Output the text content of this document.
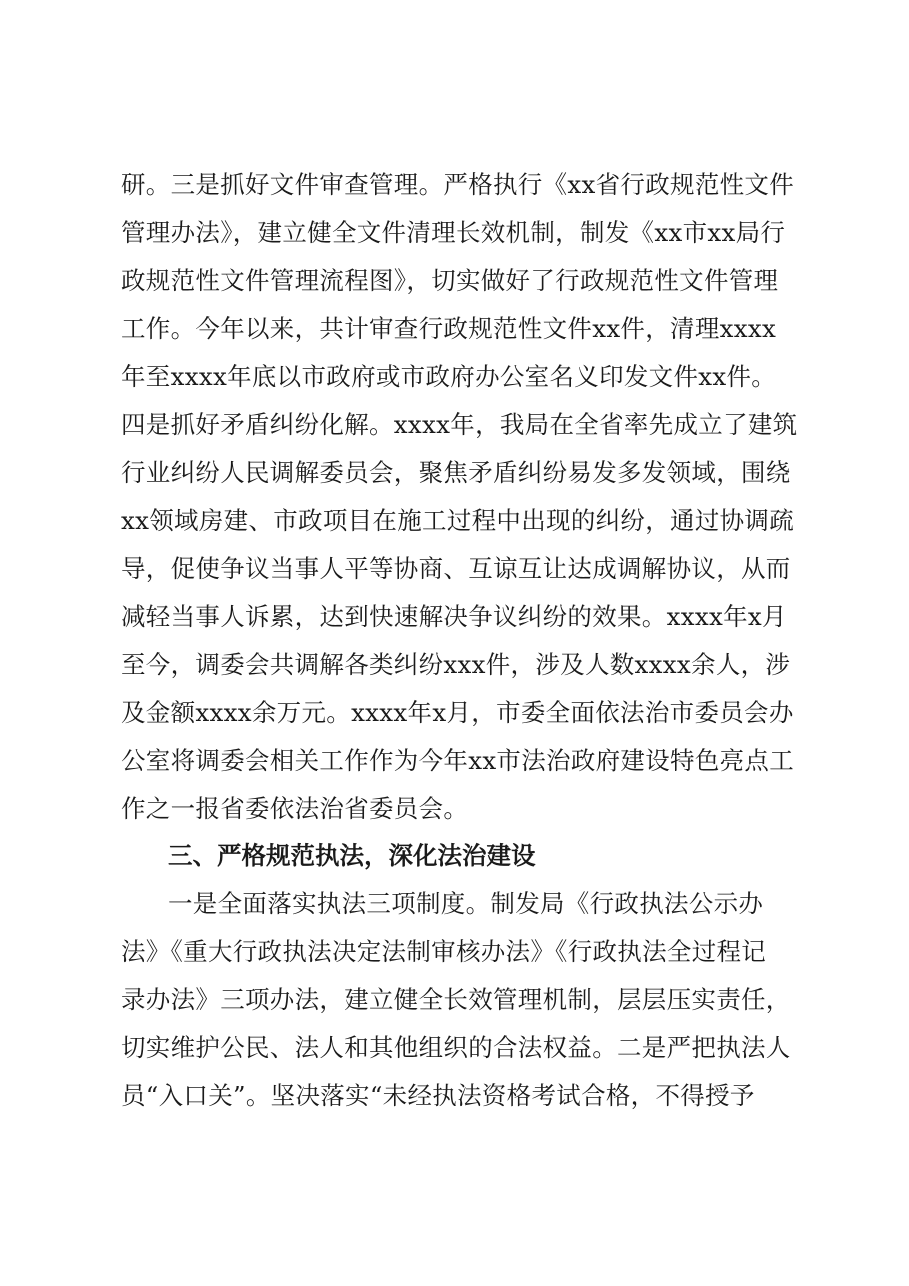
研。三是抓好文件审查管理。严格执行《xx省行政规范性文件
管理办法》，建立健全文件清理长效机制，制发《xx市xx局行
政规范性文件管理流程图》，切实做好了行政规范性文件管理
工作。今年以来，共计审查行政规范性文件xx件，清理xxxx
年至xxxx年底以市政府或市政府办公室名义印发文件xx件。
四是抓好矛盾纠纷化解。xxxx年，我局在全省率先成立了建筑
行业纠纷人民调解委员会，聚焦矛盾纠纷易发多发领域，围绕
xx领域房建、市政项目在施工过程中出现的纠纷，通过协调疏
导，促使争议当事人平等协商、互谅互让达成调解协议，从而
减轻当事人诉累，达到快速解决争议纠纷的效果。xxxx年x月
至今，调委会共调解各类纠纷xxx件，涉及人数xxxx余人，涉
及金额xxxx余万元。xxxx年x月，市委全面依法治市委员会办
公室将调委会相关工作作为今年xx市法治政府建设特色亮点工
作之一报省委依法治省委员会。
三、严格规范执法，深化法治建设
一是全面落实执法三项制度。制发局《行政执法公示办
法》《重大行政执法决定法制审核办法》《行政执法全过程记
录办法》三项办法，建立健全长效管理机制，层层压实责任，
切实维护公民、法人和其他组织的合法权益。二是严把执法人
员“入口关”。坚决落实“未经执法资格考试合格，不得授予
